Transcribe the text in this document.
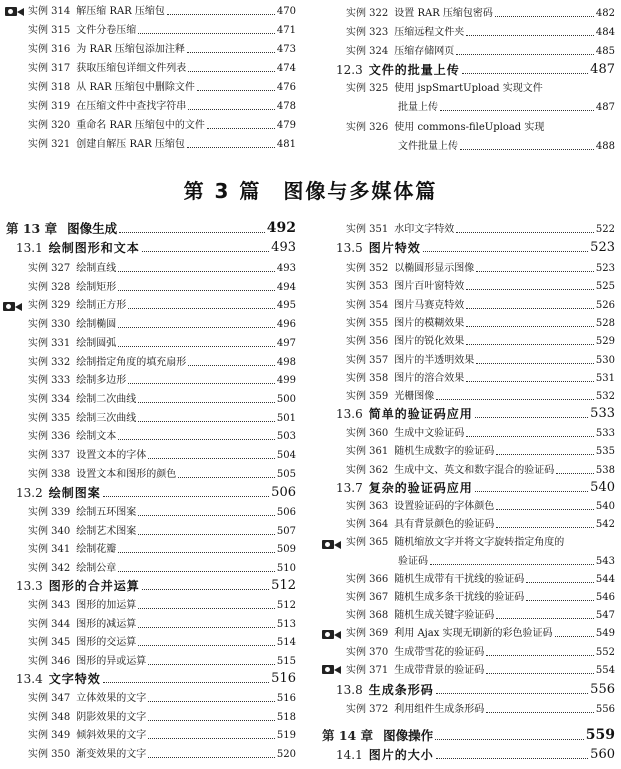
实例 314 解压缩 RAR 压缩包	470
实例 315 文件分卷压缩	471
实例 316 为 RAR 压缩包添加注释	473
实例 317 获取压缩包详细文件列表	474
实例 318 从 RAR 压缩包中删除文件	476
实例 319 在压缩文件中查找字符串	478
实例 320 重命名 RAR 压缩包中的文件	479
实例 321 创建自解压 RAR 压缩包	481
实例 322 设置 RAR 压缩包密码	482
实例 323 压缩远程文件夹	484
实例 324 压缩存储网页	485
12.3 文件的批量上传	487
实例 325 使用 jspSmartUpload 实现文件
批量上传	487
实例 326 使用 commons-fileUpload 实现
文件批量上传	488
第 3 篇　图像与多媒体篇
第 13 章 图像生成	492
13.1 绘制图形和文本	493
实例 327 绘制直线	493
实例 328 绘制矩形	494
实例 329 绘制正方形	495
实例 330 绘制椭圆	496
实例 331 绘制圆弧	497
实例 332 绘制指定角度的填充扇形	498
实例 333 绘制多边形	499
实例 334 绘制二次曲线	500
实例 335 绘制三次曲线	501
实例 336 绘制文本	503
实例 337 设置文本的字体	504
实例 338 设置文本和图形的颜色	505
13.2 绘制图案	506
实例 339 绘制五环图案	506
实例 340 绘制艺术图案	507
实例 341 绘制花瓣	509
实例 342 绘制公章	510
13.3 图形的合并运算	512
实例 343 图形的加运算	512
实例 344 图形的减运算	513
实例 345 图形的交运算	514
实例 346 图形的异或运算	515
13.4 文字特效	516
实例 347 立体效果的文字	516
实例 348 阴影效果的文字	518
实例 349 倾斜效果的文字	519
实例 350 渐变效果的文字	520
实例 351 水印文字特效	522
13.5 图片特效	523
实例 352 以椭圆形显示图像	523
实例 353 图片百叶窗特效	525
实例 354 图片马赛克特效	526
实例 355 图片的模糊效果	528
实例 356 图片的锐化效果	529
实例 357 图片的半透明效果	530
实例 358 图片的溶合效果	531
实例 359 光栅图像	532
13.6 简单的验证码应用	533
实例 360 生成中文验证码	533
实例 361 随机生成数字的验证码	535
实例 362 生成中文、英文和数字混合的验证码	538
13.7 复杂的验证码应用	540
实例 363 设置验证码的字体颜色	540
实例 364 具有背景颜色的验证码	542
实例 365 随机缩放文字并将文字旋转指定角度的
验证码	543
实例 366 随机生成带有干扰线的验证码	544
实例 367 随机生成多条干扰线的验证码	546
实例 368 随机生成关键字验证码	547
实例 369 利用 Ajax 实现无刷新的彩色验证码	549
实例 370 生成带雪花的验证码	552
实例 371 生成带背景的验证码	554
13.8 生成条形码	556
实例 372 利用组件生成条形码	556
第 14 章 图像操作	559
14.1 图片的大小	560
